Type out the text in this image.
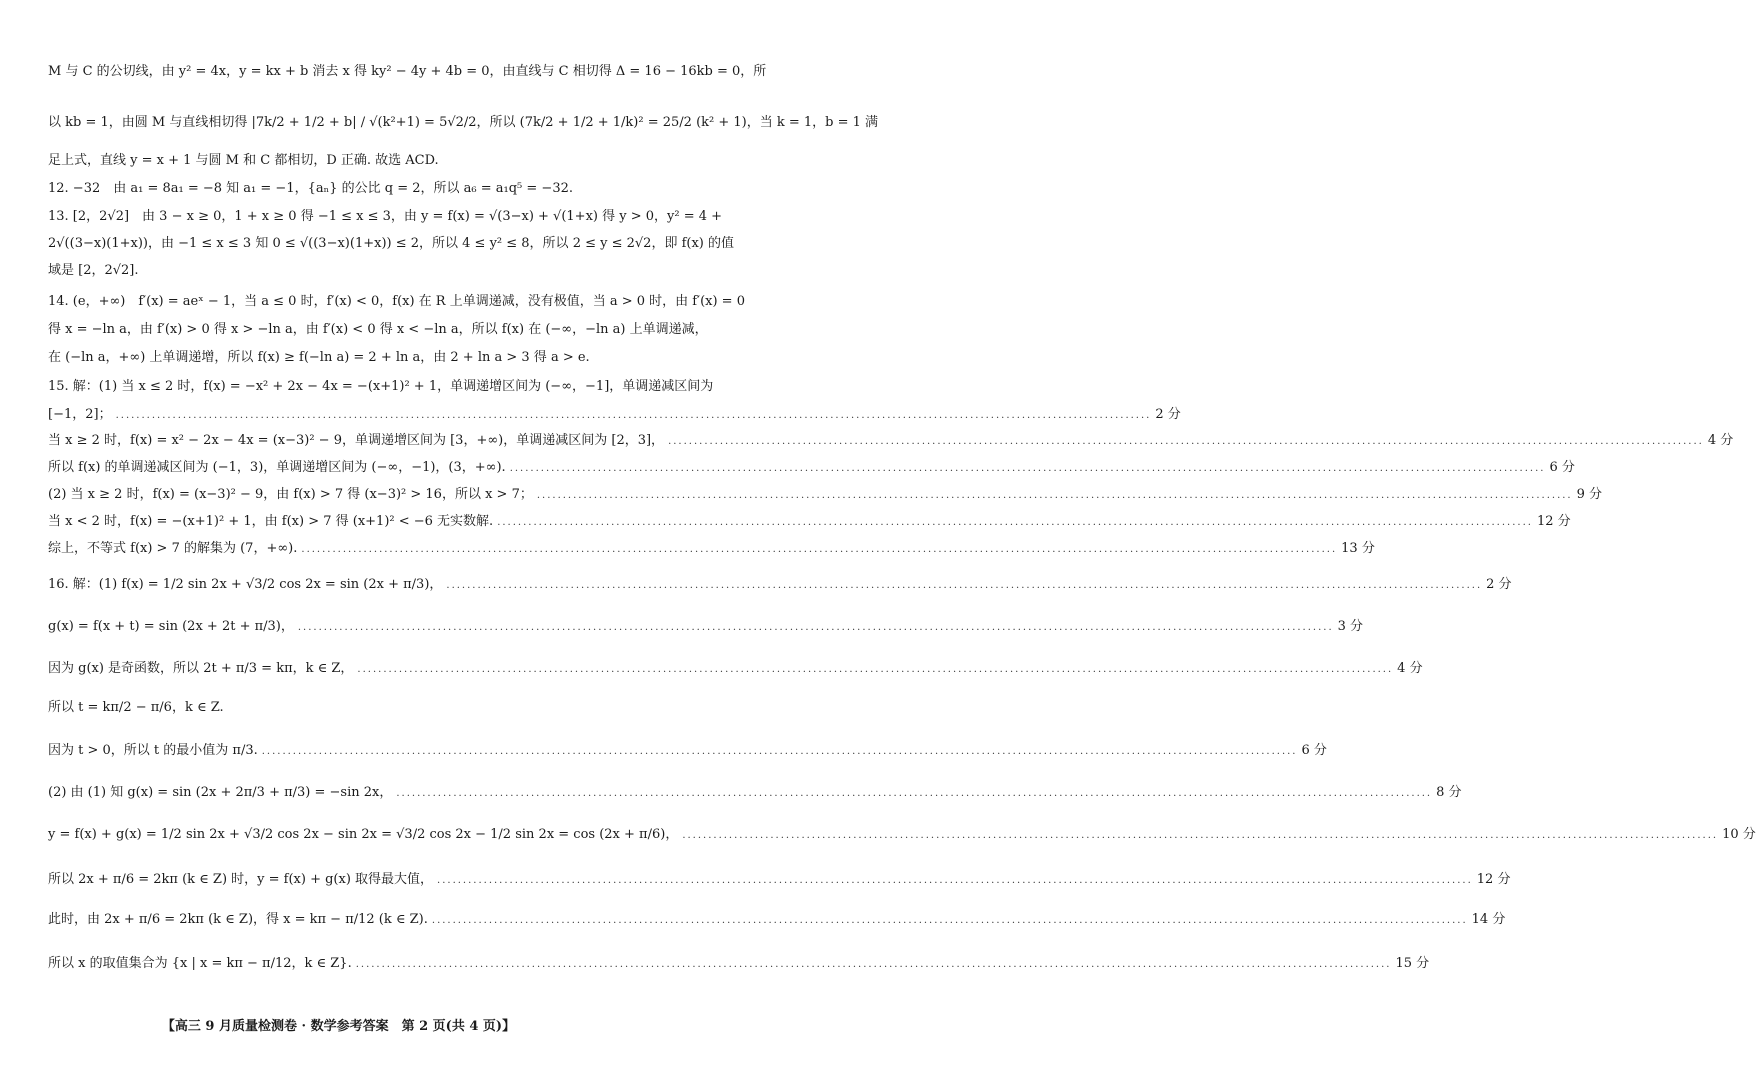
M 与 C 的公切线，由 y² = 4x，y = kx + b 消去 x 得 ky² − 4y + 4b = 0，由直线与 C 相切得 Δ = 16 − 16kb = 0，所
以 kb = 1，由圆 M 与直线相切得 |7k/2 + 1/2 + b| / √(k²+1) = 5√2/2，所以 (7k/2 + 1/2 + 1/k)² = 25/2 (k² + 1)，当 k = 1，b = 1 满
足上式，直线 y = x + 1 与圆 M 和 C 都相切，D 正确. 故选 ACD.
12. −32　由 a₁ = 8a₁ = −8 知 a₁ = −1，{aₙ} 的公比 q = 2，所以 a₆ = a₁q⁵ = −32.
13. [2，2√2]　由 3 − x ≥ 0，1 + x ≥ 0 得 −1 ≤ x ≤ 3，由 y = f(x) = √(3−x) + √(1+x) 得 y > 0，y² = 4 +
2√((3−x)(1+x))，由 −1 ≤ x ≤ 3 知 0 ≤ √((3−x)(1+x)) ≤ 2，所以 4 ≤ y² ≤ 8，所以 2 ≤ y ≤ 2√2，即 f(x) 的值
域是 [2，2√2].
14. (e，+∞)　f′(x) = aeˣ − 1，当 a ≤ 0 时，f′(x) < 0，f(x) 在 R 上单调递减，没有极值，当 a > 0 时，由 f′(x) = 0
得 x = −ln a，由 f′(x) > 0 得 x > −ln a，由 f′(x) < 0 得 x < −ln a，所以 f(x) 在 (−∞，−ln a) 上单调递减，
在 (−ln a，+∞) 上单调递增，所以 f(x) ≥ f(−ln a) = 2 + ln a，由 2 + ln a > 3 得 a > e.
15. 解：(1) 当 x ≤ 2 时，f(x) = −x² + 2x − 4x = −(x+1)² + 1，单调递增区间为 (−∞，−1]，单调递减区间为
[−1，2]； ........................................................................................................................................................................................................ 2 分
当 x ≥ 2 时，f(x) = x² − 2x − 4x = (x−3)² − 9，单调递增区间为 [3，+∞)，单调递减区间为 [2，3]， ........................................................................................................................................................................................................ 4 分
所以 f(x) 的单调递减区间为 (−1，3)，单调递增区间为 (−∞，−1)，(3，+∞). ........................................................................................................................................................................................................ 6 分
(2) 当 x ≥ 2 时，f(x) = (x−3)² − 9，由 f(x) > 7 得 (x−3)² > 16，所以 x > 7； ........................................................................................................................................................................................................ 9 分
当 x < 2 时，f(x) = −(x+1)² + 1，由 f(x) > 7 得 (x+1)² < −6 无实数解. ........................................................................................................................................................................................................ 12 分
综上，不等式 f(x) > 7 的解集为 (7，+∞). ........................................................................................................................................................................................................ 13 分
16. 解：(1) f(x) = 1/2 sin 2x + √3/2 cos 2x = sin (2x + π/3)， ........................................................................................................................................................................................................ 2 分
g(x) = f(x + t) = sin (2x + 2t + π/3)， ........................................................................................................................................................................................................ 3 分
因为 g(x) 是奇函数，所以 2t + π/3 = kπ，k ∈ Z， ........................................................................................................................................................................................................ 4 分
所以 t = kπ/2 − π/6，k ∈ Z.
因为 t > 0，所以 t 的最小值为 π/3. ........................................................................................................................................................................................................ 6 分
(2) 由 (1) 知 g(x) = sin (2x + 2π/3 + π/3) = −sin 2x， ........................................................................................................................................................................................................ 8 分
y = f(x) + g(x) = 1/2 sin 2x + √3/2 cos 2x − sin 2x = √3/2 cos 2x − 1/2 sin 2x = cos (2x + π/6)， ........................................................................................................................................................................................................ 10 分
所以 2x + π/6 = 2kπ (k ∈ Z) 时，y = f(x) + g(x) 取得最大值， ........................................................................................................................................................................................................ 12 分
此时，由 2x + π/6 = 2kπ (k ∈ Z)，得 x = kπ − π/12 (k ∈ Z). ........................................................................................................................................................................................................ 14 分
所以 x 的取值集合为 {x | x = kπ − π/12，k ∈ Z}. ........................................................................................................................................................................................................ 15 分
【高三 9 月质量检测卷 · 数学参考答案　第 2 页(共 4 页)】
